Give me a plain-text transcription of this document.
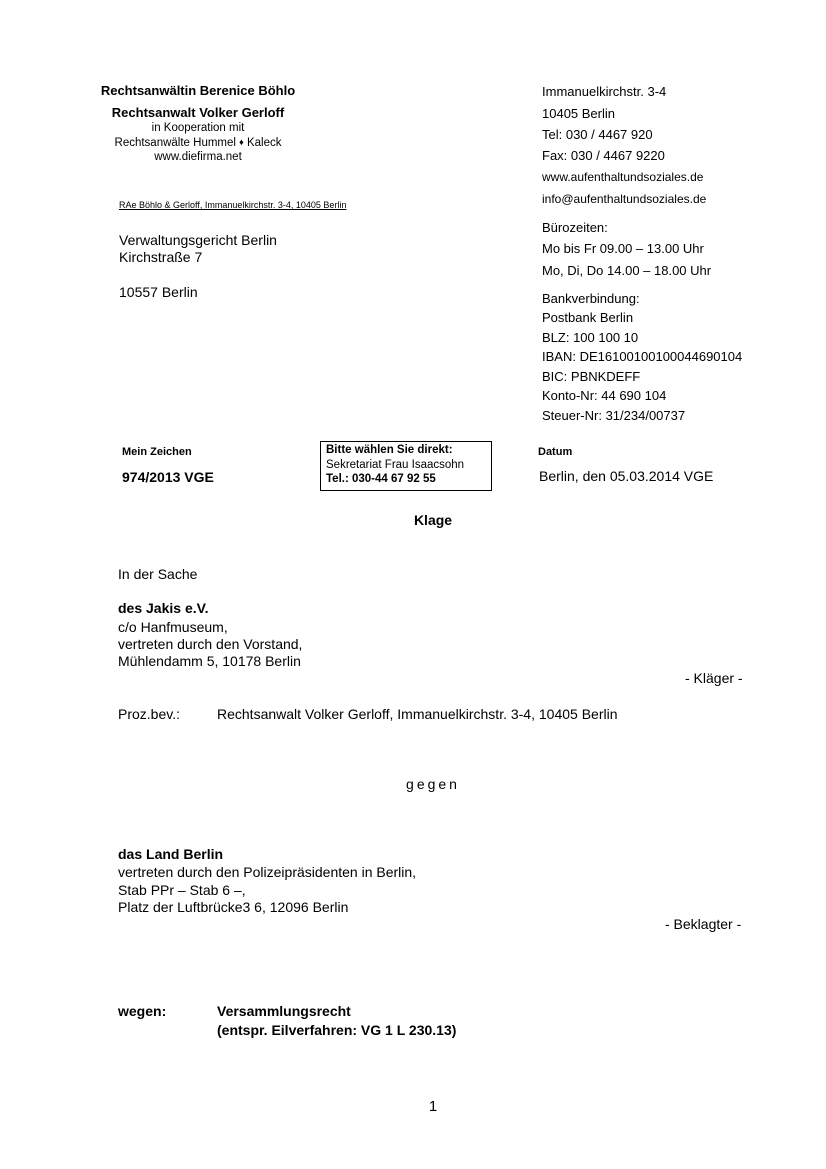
Rechtsanwältin Berenice Böhlo
Rechtsanwalt Volker Gerloff
in Kooperation mit
Rechtsanwälte Hummel ♦ Kaleck
www.diefirma.net
RAe Böhlo & Gerloff, Immanuelkirchstr. 3-4, 10405 Berlin
Verwaltungsgericht Berlin
Kirchstraße 7
10557 Berlin
Immanuelkirchstr. 3-4
10405 Berlin
Tel: 030 / 4467 920
Fax: 030 / 4467 9220
www.aufenthaltundsoziales.de
info@aufenthaltundsoziales.de
Bürozeiten:
Mo bis Fr 09.00 – 13.00 Uhr
Mo, Di, Do 14.00 – 18.00 Uhr
Bankverbindung:
Postbank Berlin
BLZ: 100 100 10
IBAN: DE16100100100044690104
BIC: PBNKDEFF
Konto-Nr: 44 690 104
Steuer-Nr: 31/234/00737
Mein Zeichen
974/2013 VGE
Bitte wählen Sie direkt:
Sekretariat Frau Isaacsohn
Tel.: 030-44 67 92 55
Datum
Berlin, den 05.03.2014 VGE
Klage
In der Sache
des Jakis e.V.
c/o Hanfmuseum,
vertreten durch den Vorstand,
Mühlendamm 5, 10178 Berlin
- Kläger -
Proz.bev.:	Rechtsanwalt Volker Gerloff, Immanuelkirchstr. 3-4, 10405 Berlin
gegen
das Land Berlin
vertreten durch den Polizeipräsidenten in Berlin,
Stab PPr – Stab 6 –,
Platz der Luftbrücke3 6, 12096 Berlin
- Beklagter -
wegen:	Versammlungsrecht
(entspr. Eilverfahren: VG 1 L 230.13)
1
